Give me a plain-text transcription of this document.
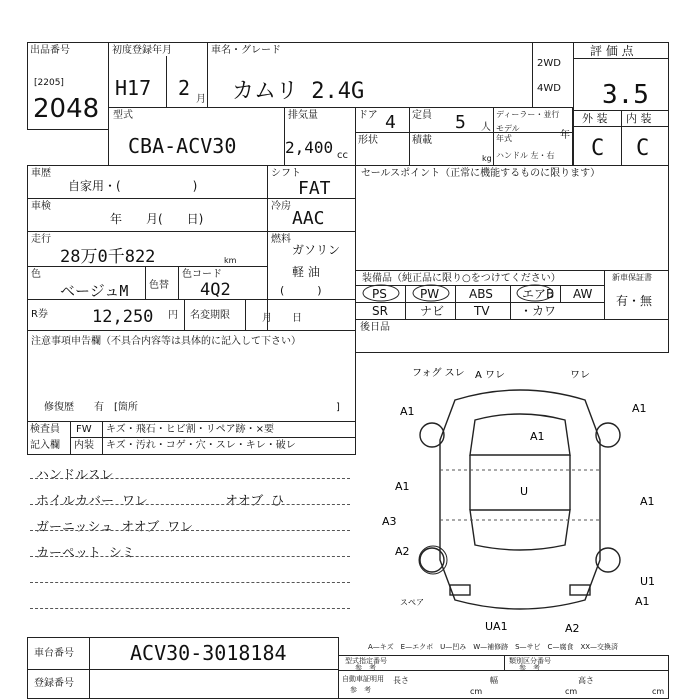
出品番号
[2205]
2048
初度登録年月
H17 2 月
車名・グレード
カムリ 2.4G
2WD
4WD
評 価 点
3.5
外 装 内 装
C C
型式
CBA-ACV30
排気量
2,400 cc
ドア 4 定員 5 人
ディーラー・並行
モデル
年式	年
形状	積載
kg ハンドル 左・右
車歴
自家用・(　　　　　　)
シフト
FAT
車検
年　　月(　　日)
冷房
AAC
走行
28万0千822	km
燃料
ガソリン
軽 油
(　　　)
色
ベージュM 色替
色コード
4Q2
R券	12,250 円 名変期限	月　　日
セールスポイント（正常に機能するものに限ります）
装備品（純正品に限り○をつけてください）
PS	PW ABS エアB AW
SR	ナビ TV	・カワ
新車保証書
有・無
後日品
注意事項申告欄（不具合内容等は具体的に記入して下さい）
修復歴　　有　[箇所	]
検査員
記入欄
FW キズ・飛石・ヒビ割・リペア跡・×要
内装 キズ・汚れ・コゲ・穴・スレ・キレ・破レ
ハンドルスレ
ホイルカバー ワレ
ガーニッシュ オオブ ワレ
カーペット シミ
オオブ ひ
フォグ スレ A ワレ	ワレ
A1	A1
A1
A1	U
A1
A3
A2
U1
A1
UA1	A2
スぺア
A—キズ　E—エクボ　U—凹み　W—補修跡　S—サビ　C—腐食　XX—交換済
車台番号	ACV30-3018184
登録番号
型式指定番号
参　考
類別区分番号
参　考
自動車証明用
参　考
長さ
cm
幅
cm
高さ
cm
